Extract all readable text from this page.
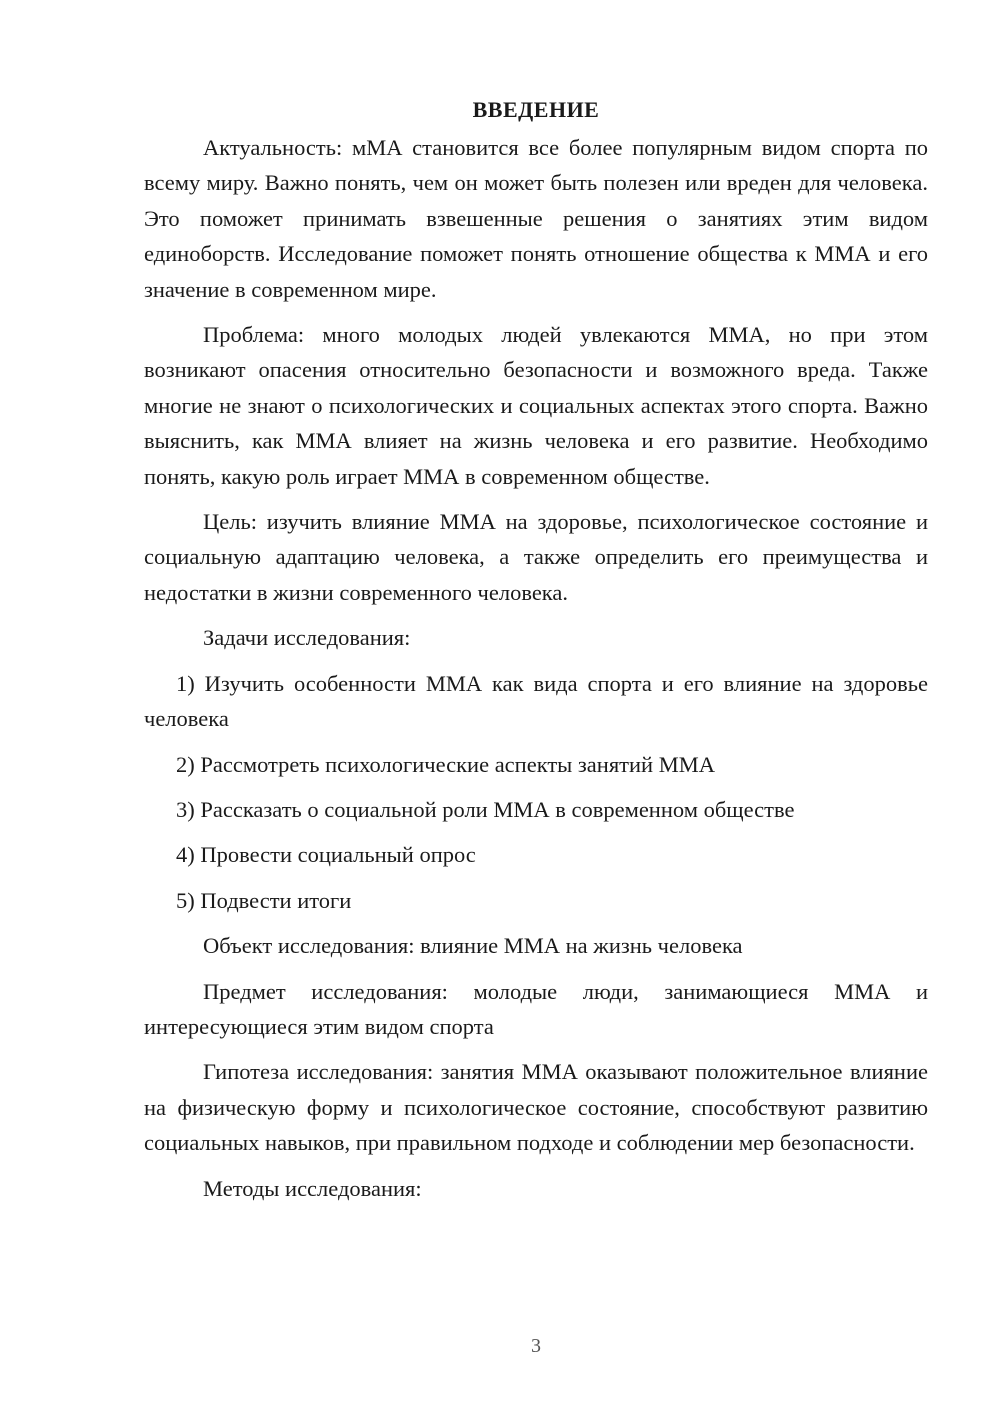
ВВЕДЕНИЕ

Актуальность: мМА становится все более популярным видом спорта по всему миру. Важно понять, чем он может быть полезен или вреден для человека. Это поможет принимать взвешенные решения о занятиях этим видом единоборств. Исследование поможет понять отношение общества к ММА и его значение в современном мире.

Проблема: много молодых людей увлекаются ММА, но при этом возникают опасения относительно безопасности и возможного вреда. Также многие не знают о психологических и социальных аспектах этого спорта. Важно выяснить, как ММА влияет на жизнь человека и его развитие. Необходимо понять, какую роль играет ММА в современном обществе.

Цель: изучить влияние ММА на здоровье, психологическое состояние и социальную адаптацию человека, а также определить его преимущества и недостатки в жизни современного человека.

Задачи исследования:

1) Изучить особенности ММА как вида спорта и его влияние на здоровье человека

2) Рассмотреть психологические аспекты занятий ММА

3) Рассказать о социальной роли ММА в современном обществе

4) Провести социальный опрос

5) Подвести итоги

Объект исследования: влияние ММА на жизнь человека

Предмет исследования: молодые люди, занимающиеся ММА и интересующиеся этим видом спорта

Гипотеза исследования: занятия ММА оказывают положительное влияние на физическую форму и психологическое состояние, способствуют развитию социальных навыков, при правильном подходе и соблюдении мер безопасности.

Методы исследования:

3
